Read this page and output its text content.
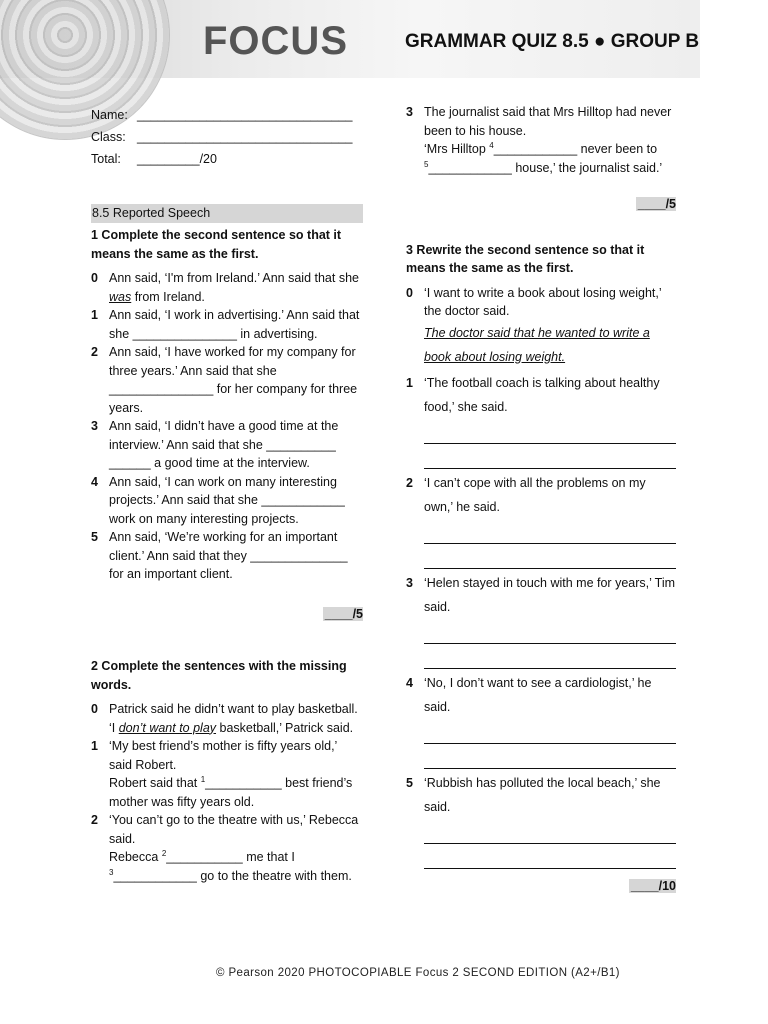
FOCUS	GRAMMAR QUIZ 8.5 ● GROUP B
Name: _______________________________
Class: _______________________________
Total: _________/20
8.5 Reported Speech
1 Complete the second sentence so that it means the same as the first.
0 Ann said, ‘I'm from Ireland.’ Ann said that she was from Ireland.
1 Ann said, ‘I work in advertising.’ Ann said that she _______________ in advertising.
2 Ann said, ‘I have worked for my company for three years.’ Ann said that she _______________ for her company for three years.
3 Ann said, ‘I didn’t have a good time at the interview.’ Ann said that she __________ ______ a good time at the interview.
4 Ann said, ‘I can work on many interesting projects.’ Ann said that she ____________ work on many interesting projects.
5 Ann said, ‘We’re working for an important client.’ Ann said that they ______________ for an important client.
____/5
2 Complete the sentences with the missing words.
0 Patrick said he didn’t want to play basketball. ‘I don’t want to play basketball,’ Patrick said.
1 ‘My best friend’s mother is fifty years old,’ said Robert.
Robert said that $^1$___________ best friend’s mother was fifty years old.
2 ‘You can’t go to the theatre with us,’ Rebecca said.
Rebecca $^2$___________ me that I
$^3$____________ go to the theatre with them.
3 The journalist said that Mrs Hilltop had never been to his house.
‘Mrs Hilltop $^4$____________ never been to
$^5$____________ house,’ the journalist said.’
____/5
3 Rewrite the second sentence so that it means the same as the first.
0 ‘I want to write a book about losing weight,’ the doctor said.
The doctor said that he wanted to write a book about losing weight.
1 ‘The football coach is talking about healthy food,’ she said.
2 ‘I can’t cope with all the problems on my own,’ he said.
3 ‘Helen stayed in touch with me for years,’ Tim said.
4 ‘No, I don’t want to see a cardiologist,’ he said.
5 ‘Rubbish has polluted the local beach,’ she said.
____/10
© Pearson 2020 PHOTOCOPIABLE Focus 2 SECOND EDITION (A2+/B1)
